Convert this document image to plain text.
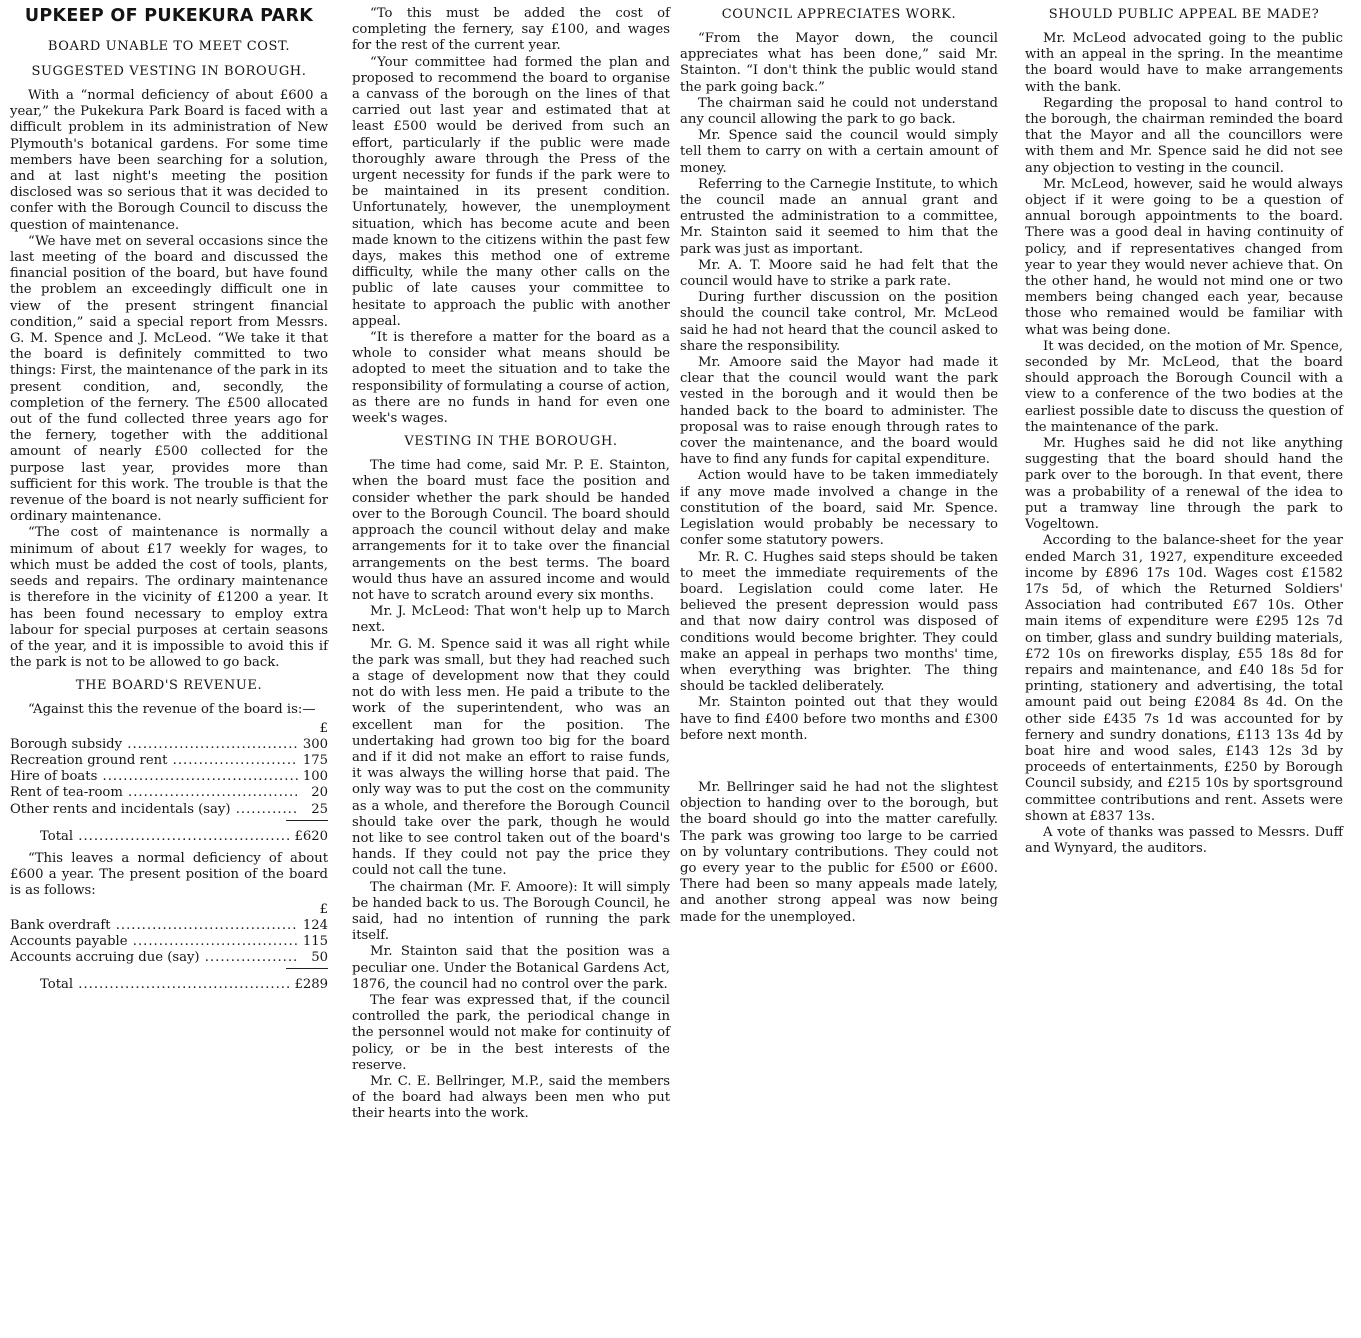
UPKEEP OF PUKEKURA PARK
BOARD UNABLE TO MEET COST.
SUGGESTED VESTING IN BOROUGH.

With a “normal deficiency of about £600 a year,” the Pukekura Park Board is faced with a difficult problem in its administration of New Plymouth's botanical gardens. For some time members have been searching for a solution, and at last night's meeting the position disclosed was so serious that it was decided to confer with the Borough Council to discuss the question of maintenance.

“We have met on several occasions since the last meeting of the board and discussed the financial position of the board, but have found the problem an exceedingly difficult one in view of the present stringent financial condition,” said a special report from Messrs. G. M. Spence and J. McLeod. “We take it that the board is definitely committed to two things: First, the maintenance of the park in its present condition, and, secondly, the completion of the fernery. The £500 allocated out of the fund collected three years ago for the fernery, together with the additional amount of nearly £500 collected for the purpose last year, provides more than sufficient for this work. The trouble is that the revenue of the board is not nearly sufficient for ordinary maintenance.

“The cost of maintenance is normally a minimum of about £17 weekly for wages, to which must be added the cost of tools, plants, seeds and repairs. The ordinary maintenance is therefore in the vicinity of £1200 a year. It has been found necessary to employ extra labour for special purposes at certain seasons of the year, and it is impossible to avoid this if the park is not to be allowed to go back.

THE BOARD'S REVENUE.

“Against this the revenue of the board is:—

£
Borough subsidy .....	300
Recreation ground rent .....	175
Hire of boats .....	100
Rent of tea-room .....	20
Other rents and incidentals (say) .....	25
Total .....	£620

“This leaves a normal deficiency of about £600 a year. The present position of the board is as follows:

£
Bank overdraft .....	124
Accounts payable .....	115
Accounts accruing due (say) .....	50
Total .....	£289

“To this must be added the cost of completing the fernery, say £100, and wages for the rest of the current year.

“Your committee had formed the plan and proposed to recommend the board to organise a canvass of the borough on the lines of that carried out last year and estimated that at least £500 would be derived from such an effort, particularly if the public were made thoroughly aware through the Press of the urgent necessity for funds if the park were to be maintained in its present condition. Unfortunately, however, the unemployment situation, which has become acute and been made known to the citizens within the past few days, makes this method one of extreme difficulty, while the many other calls on the public of late causes your committee to hesitate to approach the public with another appeal.

“It is therefore a matter for the board as a whole to consider what means should be adopted to meet the situation and to take the responsibility of formulating a course of action, as there are no funds in hand for even one week's wages.

VESTING IN THE BOROUGH.

The time had come, said Mr. P. E. Stainton, when the board must face the position and consider whether the park should be handed over to the Borough Council. The board should approach the council without delay and make arrangements for it to take over the financial arrangements on the best terms. The board would thus have an assured income and would not have to scratch around every six months.

Mr. J. McLeod: That won't help up to March next.

Mr. G. M. Spence said it was all right while the park was small, but they had reached such a stage of development now that they could not do with less men. He paid a tribute to the work of the superintendent, who was an excellent man for the position. The undertaking had grown too big for the board and if it did not make an effort to raise funds, it was always the willing horse that paid. The only way was to put the cost on the community as a whole, and therefore the Borough Council should take over the park, though he would not like to see control taken out of the board's hands. If they could not pay the price they could not call the tune.

The chairman (Mr. F. Amoore): It will simply be handed back to us. The Borough Council, he said, had no intention of running the park itself.

Mr. Stainton said that the position was a peculiar one. Under the Botanical Gardens Act, 1876, the council had no control over the park.

The fear was expressed that, if the council controlled the park, the periodical change in the personnel would not make for continuity of policy, or be in the best interests of the reserve.

Mr. C. E. Bellringer, M.P., said the members of the board had always been men who put their hearts into the work.

COUNCIL APPRECIATES WORK.

“From the Mayor down, the council appreciates what has been done,” said Mr. Stainton. “I don't think the public would stand the park going back.”

The chairman said he could not understand any council allowing the park to go back.

Mr. Spence said the council would simply tell them to carry on with a certain amount of money.

Referring to the Carnegie Institute, to which the council made an annual grant and entrusted the administration to a committee, Mr. Stainton said it seemed to him that the park was just as important.

Mr. A. T. Moore said he had felt that the council would have to strike a park rate.

During further discussion on the position should the council take control, Mr. McLeod said he had not heard that the council asked to share the responsibility.

Mr. Amoore said the Mayor had made it clear that the council would want the park vested in the borough and it would then be handed back to the board to administer. The proposal was to raise enough through rates to cover the maintenance, and the board would have to find any funds for capital expenditure.

Action would have to be taken immediately if any move made involved a change in the constitution of the board, said Mr. Spence. Legislation would probably be necessary to confer some statutory powers.

Mr. R. C. Hughes said steps should be taken to meet the immediate requirements of the board. Legislation could come later. He believed the present depression would pass and that now dairy control was disposed of conditions would become brighter. They could make an appeal in perhaps two months' time, when everything was brighter. The thing should be tackled deliberately.

Mr. Stainton pointed out that they would have to find £400 before two months and £300 before next month.

Mr. Bellringer said he had not the slightest objection to handing over to the borough, but the board should go into the matter carefully. The park was growing too large to be carried on by voluntary contributions. They could not go every year to the public for £500 or £600. There had been so many appeals made lately, and another strong appeal was now being made for the unemployed.

SHOULD PUBLIC APPEAL BE MADE?

Mr. McLeod advocated going to the public with an appeal in the spring. In the meantime the board would have to make arrangements with the bank.

Regarding the proposal to hand control to the borough, the chairman reminded the board that the Mayor and all the councillors were with them and Mr. Spence said he did not see any objection to vesting in the council.

Mr. McLeod, however, said he would always object if it were going to be a question of annual borough appointments to the board. There was a good deal in having continuity of policy, and if representatives changed from year to year they would never achieve that. On the other hand, he would not mind one or two members being changed each year, because those who remained would be familiar with what was being done.

It was decided, on the motion of Mr. Spence, seconded by Mr. McLeod, that the board should approach the Borough Council with a view to a conference of the two bodies at the earliest possible date to discuss the question of the maintenance of the park.

Mr. Hughes said he did not like anything suggesting that the board should hand the park over to the borough. In that event, there was a probability of a renewal of the idea to put a tramway line through the park to Vogeltown.

According to the balance-sheet for the year ended March 31, 1927, expenditure exceeded income by £896 17s 10d. Wages cost £1582 17s 5d, of which the Returned Soldiers' Association had contributed £67 10s. Other main items of expenditure were £295 12s 7d on timber, glass and sundry building materials, £72 10s on fireworks display, £55 18s 8d for repairs and maintenance, and £40 18s 5d for printing, stationery and advertising, the total amount paid out being £2084 8s 4d. On the other side £435 7s 1d was accounted for by fernery and sundry donations, £113 13s 4d by boat hire and wood sales, £143 12s 3d by proceeds of entertainments, £250 by Borough Council subsidy, and £215 10s by sportsground committee contributions and rent. Assets were shown at £837 13s.

A vote of thanks was passed to Messrs. Duff and Wynyard, the auditors.
